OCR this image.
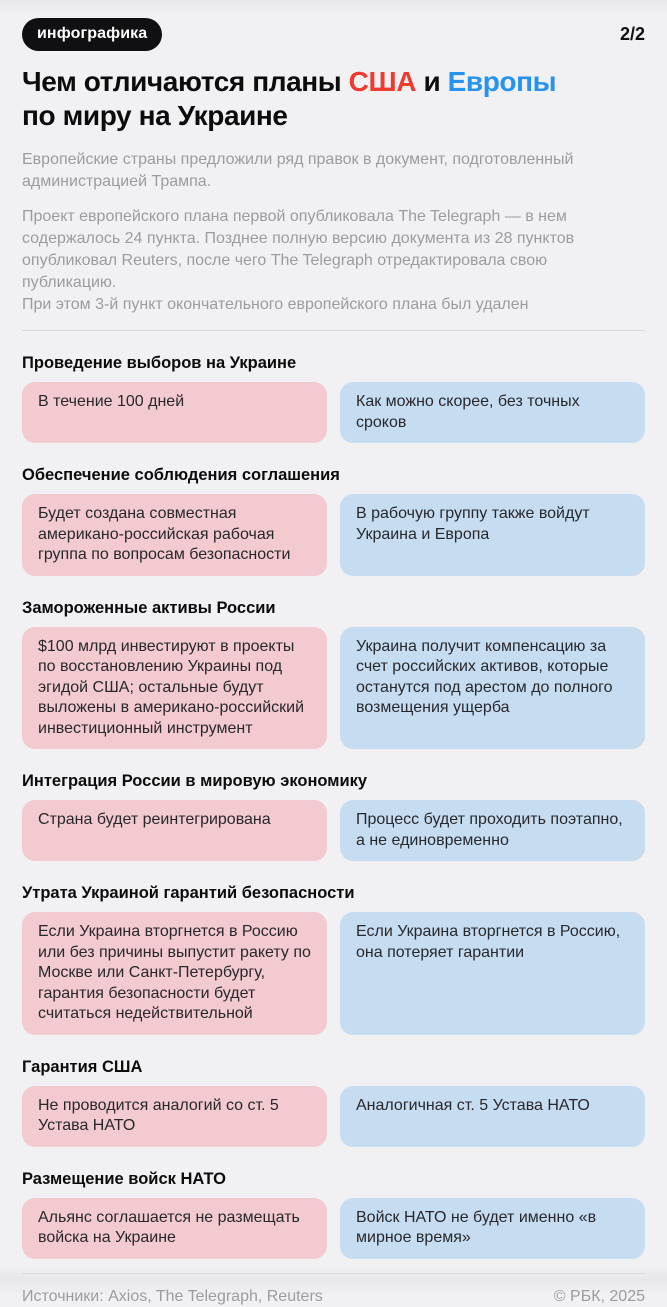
инфографика	2/2
Чем отличаются планы США и Европы
по миру на Украине

Европейские страны предложили ряд правок в документ, подготовленный администрацией Трампа.

Проект европейского плана первой опубликовала The Telegraph — в нем содержалось 24 пункта. Позднее полную версию документа из 28 пунктов опубликовал Reuters, после чего The Telegraph отредактировала свою публикацию.

При этом 3-й пункт окончательного европейского плана был удален

Проведение выборов на Украине
В течение 100 дней	Как можно скорее, без точных сроков
Обеспечение соблюдения соглашения
Будет создана совместная американо-российская рабочая группа по вопросам безопасности
В рабочую группу также войдут Украина и Европа
Замороженные активы России
$100 млрд инвестируют в проекты по восстановлению Украины под эгидой США; остальные будут выложены в американо-российский инвестиционный инструмент
Украина получит компенсацию за счет российских активов, которые останутся под арестом до полного возмещения ущерба
Интеграция России в мировую экономику
Страна будет реинтегрирована	Процесс будет проходить поэтапно, а не единовременно
Утрата Украиной гарантий безопасности
Если Украина вторгнется в Россию или без причины выпустит ракету по Москве или Санкт-Петербургу, гарантия безопасности будет считаться недействительной
Если Украина вторгнется в Россию, она потеряет гарантии
Гарантия США
Не проводится аналогий со ст. 5 Устава НАТО
Аналогичная ст. 5 Устава НАТО
Размещение войск НАТО
Альянс соглашается не размещать войска на Украине
Войск НАТО не будет именно «в мирное время»
Источники: Axios, The Telegraph, Reuters	© РБК, 2025
